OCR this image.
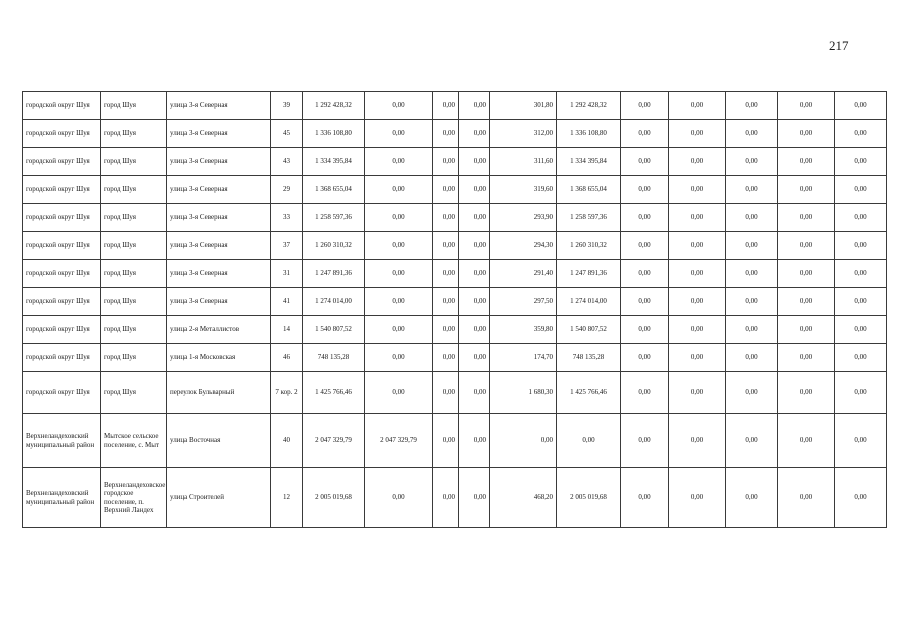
217
городской округ Шуя	город Шуя	улица 3-я Северная	39	1 292 428,32	0,00	0,00	0,00	301,80	1 292 428,32	0,00	0,00	0,00	0,00	0,00
городской округ Шуя	город Шуя	улица 3-я Северная	45	1 336 108,80	0,00	0,00	0,00	312,00	1 336 108,80	0,00	0,00	0,00	0,00	0,00
городской округ Шуя	город Шуя	улица 3-я Северная	43	1 334 395,84	0,00	0,00	0,00	311,60	1 334 395,84	0,00	0,00	0,00	0,00	0,00
городской округ Шуя	город Шуя	улица 3-я Северная	29	1 368 655,04	0,00	0,00	0,00	319,60	1 368 655,04	0,00	0,00	0,00	0,00	0,00
городской округ Шуя	город Шуя	улица 3-я Северная	33	1 258 597,36	0,00	0,00	0,00	293,90	1 258 597,36	0,00	0,00	0,00	0,00	0,00
городской округ Шуя	город Шуя	улица 3-я Северная	37	1 260 310,32	0,00	0,00	0,00	294,30	1 260 310,32	0,00	0,00	0,00	0,00	0,00
городской округ Шуя	город Шуя	улица 3-я Северная	31	1 247 891,36	0,00	0,00	0,00	291,40	1 247 891,36	0,00	0,00	0,00	0,00	0,00
городской округ Шуя	город Шуя	улица 3-я Северная	41	1 274 014,00	0,00	0,00	0,00	297,50	1 274 014,00	0,00	0,00	0,00	0,00	0,00
городской округ Шуя	город Шуя	улица 2-я Металлистов	14	1 540 807,52	0,00	0,00	0,00	359,80	1 540 807,52	0,00	0,00	0,00	0,00	0,00
городской округ Шуя	город Шуя	улица 1-я Московская	46	748 135,28	0,00	0,00	0,00	174,70	748 135,28	0,00	0,00	0,00	0,00	0,00
городской округ Шуя	город Шуя	переулок Бульварный	7 кор. 2	1 425 766,46	0,00	0,00	0,00	1 680,30	1 425 766,46	0,00	0,00	0,00	0,00	0,00
Верхнеландеховский муниципальный район	Мытское сельское поселение, с. Мыт	улица Восточная	40	2 047 329,79	2 047 329,79	0,00	0,00	0,00	0,00	0,00	0,00	0,00	0,00	0,00
Верхнеландеховский муниципальный район	Верхнеландеховское городское поселение, п. Верхний Ландех	улица Строителей	12	2 005 019,68	0,00	0,00	0,00	468,20	2 005 019,68	0,00	0,00	0,00	0,00	0,00
